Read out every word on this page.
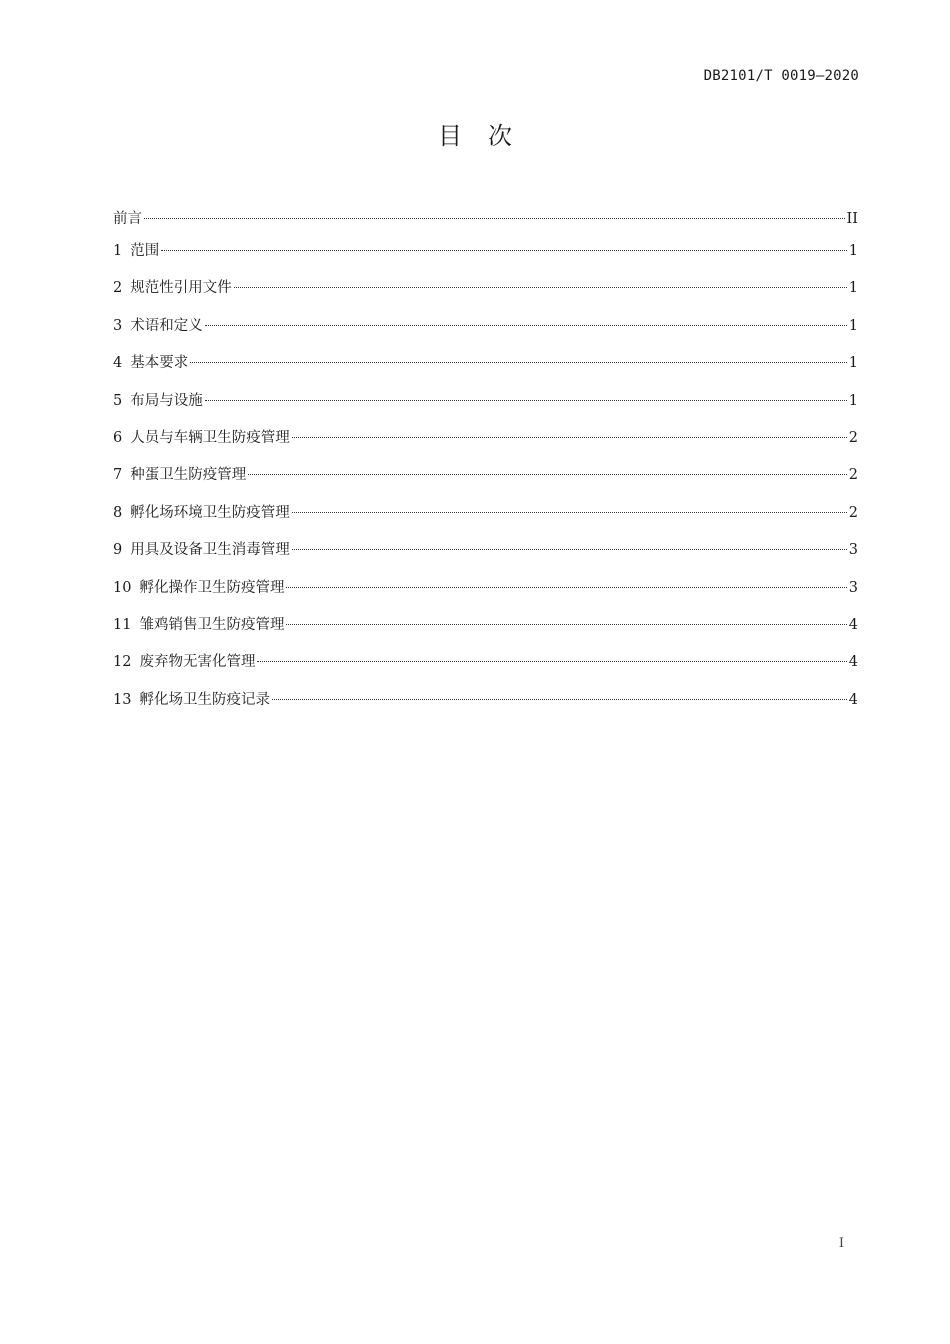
DB2101/T 0019—2020
目次
前言	II
1 范围	1
2 规范性引用文件	1
3 术语和定义	1
4 基本要求	1
5 布局与设施	1
6 人员与车辆卫生防疫管理	2
7 种蛋卫生防疫管理	2
8 孵化场环境卫生防疫管理	2
9 用具及设备卫生消毒管理	3
10 孵化操作卫生防疫管理	3
11 雏鸡销售卫生防疫管理	4
12 废弃物无害化管理	4
13 孵化场卫生防疫记录	4
I
